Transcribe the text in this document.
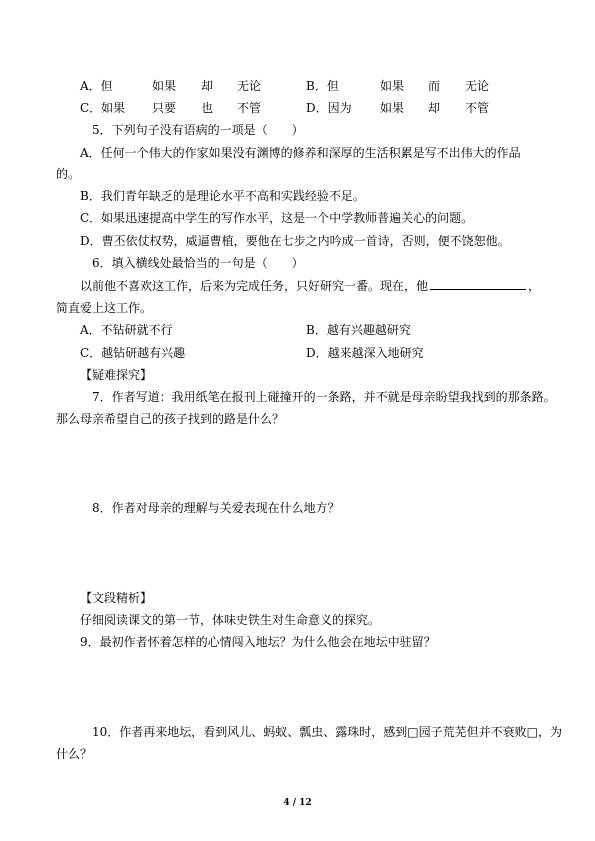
A．但	如果 却 无论	B．但	如果 而 无论
C．如果 只要 也 不管	D．因为 如果 却 不管
5．下列句子没有语病的一项是（　　）
A．任何一个伟大的作家如果没有渊博的修养和深厚的生活积累是写不出伟大的作品
的。
B．我们青年缺乏的是理论水平不高和实践经验不足。
C．如果迅速提高中学生的写作水平，这是一个中学教师普遍关心的问题。
D．曹丕依仗权势，威逼曹植，要他在七步之内吟成一首诗，否则，便不饶恕他。
6．填入横线处最恰当的一句是（　　）
以前他不喜欢这工作，后来为完成任务，只好研究一番。现在，他	，
简直爱上这工作。
A．不钻研就不行	B．越有兴趣越研究
C．越钻研越有兴趣	D．越来越深入地研究
【疑难探究】
7．作者写道：我用纸笔在报刊上碰撞开的一条路，并不就是母亲盼望我找到的那条路。
那么母亲希望自己的孩子找到的路是什么？
8．作者对母亲的理解与关爱表现在什么地方？
【文段精析】
仔细阅读课文的第一节，体味史铁生对生命意义的探究。
9．最初作者怀着怎样的心情闯入地坛？为什么他会在地坛中驻留？
10．作者再来地坛，看到风儿、蚂蚁、瓢虫、露珠时，感到□园子荒芜但并不衰败□，为
什么？
4 / 12
